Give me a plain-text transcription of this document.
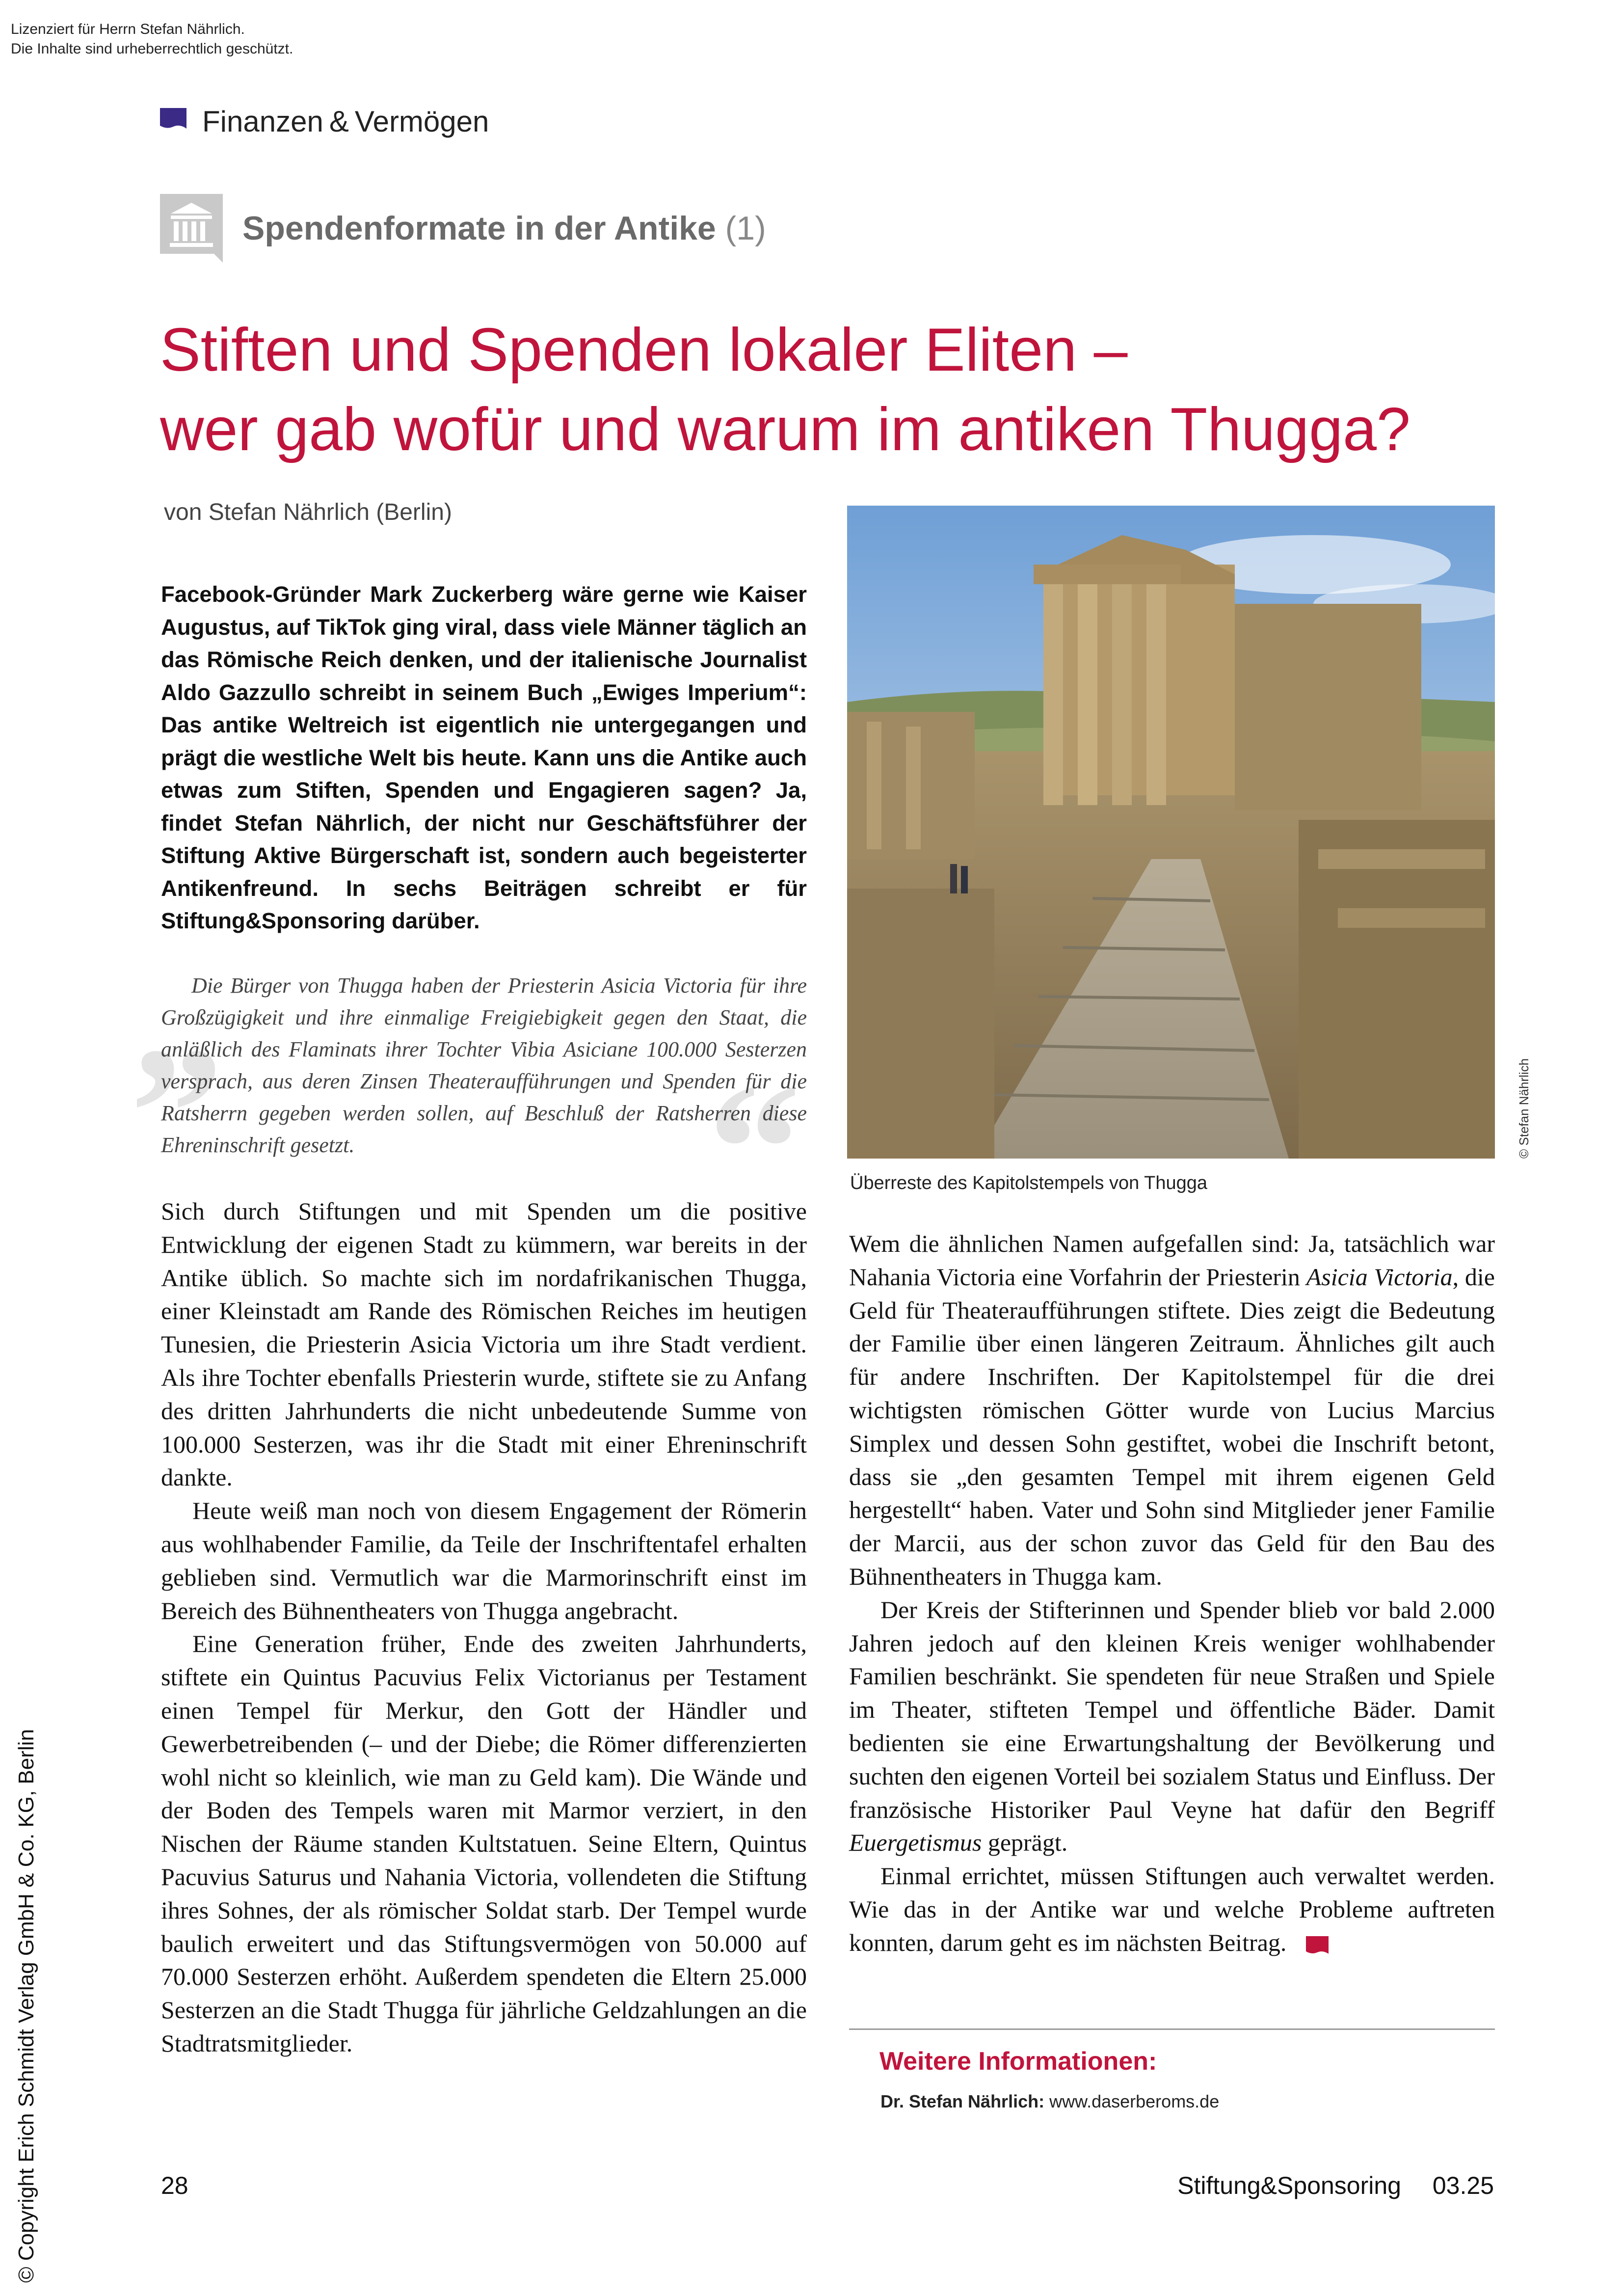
Lizenziert für Herrn Stefan Nährlich.
Die Inhalte sind urheberrechtlich geschützt.
Finanzen & Vermögen
Spendenformate in der Antike (1)
Stiften und Spenden lokaler Eliten –
wer gab wofür und warum im antiken Thugga?
von Stefan Nährlich (Berlin)
Facebook-Gründer Mark Zuckerberg wäre gerne wie Kaiser Augustus, auf TikTok ging viral, dass viele Männer täglich an das Römische Reich denken, und der italienische Journalist Aldo Gazzullo schreibt in seinem Buch „Ewiges Imperium“: Das antike Weltreich ist eigentlich nie untergegangen und prägt die westliche Welt bis heute. Kann uns die Antike auch etwas zum Stiften, Spenden und Engagieren sagen? Ja, findet Stefan Nährlich, der nicht nur Geschäftsführer der Stiftung Aktive Bürgerschaft ist, sondern auch begeisterter Antikenfreund. In sechs Beiträgen schreibt er für Stiftung&Sponsoring darüber.
„
“
Die Bürger von Thugga haben der Priesterin Asicia Victoria für ihre Großzügigkeit und ihre einmalige Freigiebigkeit gegen den Staat, die anläßlich des Flaminats ihrer Tochter Vibia Asiciane 100.000 Sesterzen versprach, aus deren Zinsen Theateraufführungen und Spenden für die Ratsherrn gegeben werden sollen, auf Beschluß der Ratsherren diese Ehreninschrift gesetzt.	© Stefan Nährlich
Überreste des Kapitolstempels von Thugga

Sich durch Stiftungen und mit Spenden um die positive Entwicklung der eigenen Stadt zu kümmern, war bereits in der Antike üblich. So machte sich im nordafrikanischen Thugga, einer Kleinstadt am Rande des Römischen Reiches im heutigen Tunesien, die Priesterin Asicia Victoria um ihre Stadt verdient. Als ihre Tochter ebenfalls Priesterin wurde, stiftete sie zu Anfang des dritten Jahrhunderts die nicht unbedeutende Summe von 100.000 Sesterzen, was ihr die Stadt mit einer Ehreninschrift dankte.

Heute weiß man noch von diesem Engagement der Römerin aus wohlhabender Familie, da Teile der Inschriftentafel erhalten geblieben sind. Vermutlich war die Marmorinschrift einst im Bereich des Bühnentheaters von Thugga angebracht.

Eine Generation früher, Ende des zweiten Jahrhunderts, stiftete ein Quintus Pacuvius Felix Victorianus per Testament einen Tempel für Merkur, den Gott der Händler und Gewerbetreibenden (– und der Diebe; die Römer differenzierten wohl nicht so kleinlich, wie man zu Geld kam). Die Wände und der Boden des Tempels waren mit Marmor verziert, in den Nischen der Räume standen Kultstatuen. Seine Eltern, Quintus Pacuvius Saturus und Nahania Victoria, vollendeten die Stiftung ihres Sohnes, der als römischer Soldat starb. Der Tempel wurde baulich erweitert und das Stiftungsvermögen von 50.000 auf 70.000 Sesterzen erhöht. Außerdem spendeten die Eltern 25.000 Sesterzen an die Stadt Thugga für jährliche Geldzahlungen an die Stadtratsmitglieder.

Wem die ähnlichen Namen aufgefallen sind: Ja, tatsächlich war Nahania Victoria eine Vorfahrin der Priesterin Asicia Victoria, die Geld für Theateraufführungen stiftete. Dies zeigt die Bedeutung der Familie über einen längeren Zeitraum. Ähnliches gilt auch für andere Inschriften. Der Kapitolstempel für die drei wichtigsten römischen Götter wurde von Lucius Marcius Simplex und dessen Sohn gestiftet, wobei die Inschrift betont, dass sie „den gesamten Tempel mit ihrem eigenen Geld hergestellt“ haben. Vater und Sohn sind Mitglieder jener Familie der Marcii, aus der schon zuvor das Geld für den Bau des Bühnentheaters in Thugga kam.

Der Kreis der Stifterinnen und Spender blieb vor bald 2.000 Jahren jedoch auf den kleinen Kreis weniger wohlhabender Familien beschränkt. Sie spendeten für neue Straßen und Spiele im Theater, stifteten Tempel und öffentliche Bäder. Damit bedienten sie eine Erwartungshaltung der Bevölkerung und suchten den eigenen Vorteil bei sozialem Status und Einfluss. Der französische Historiker Paul Veyne hat dafür den Begriff Euergetismus geprägt.

Einmal errichtet, müssen Stiftungen auch verwaltet werden. Wie das in der Antike war und welche Probleme auftreten konnten, darum geht es im nächsten Beitrag.

Weitere Informationen:
Dr. Stefan Nährlich: www.daserberoms.de
28	Stiftung&Sponsoring  03.25
© Copyright Erich Schmidt Verlag GmbH & Co. KG, Berlin
